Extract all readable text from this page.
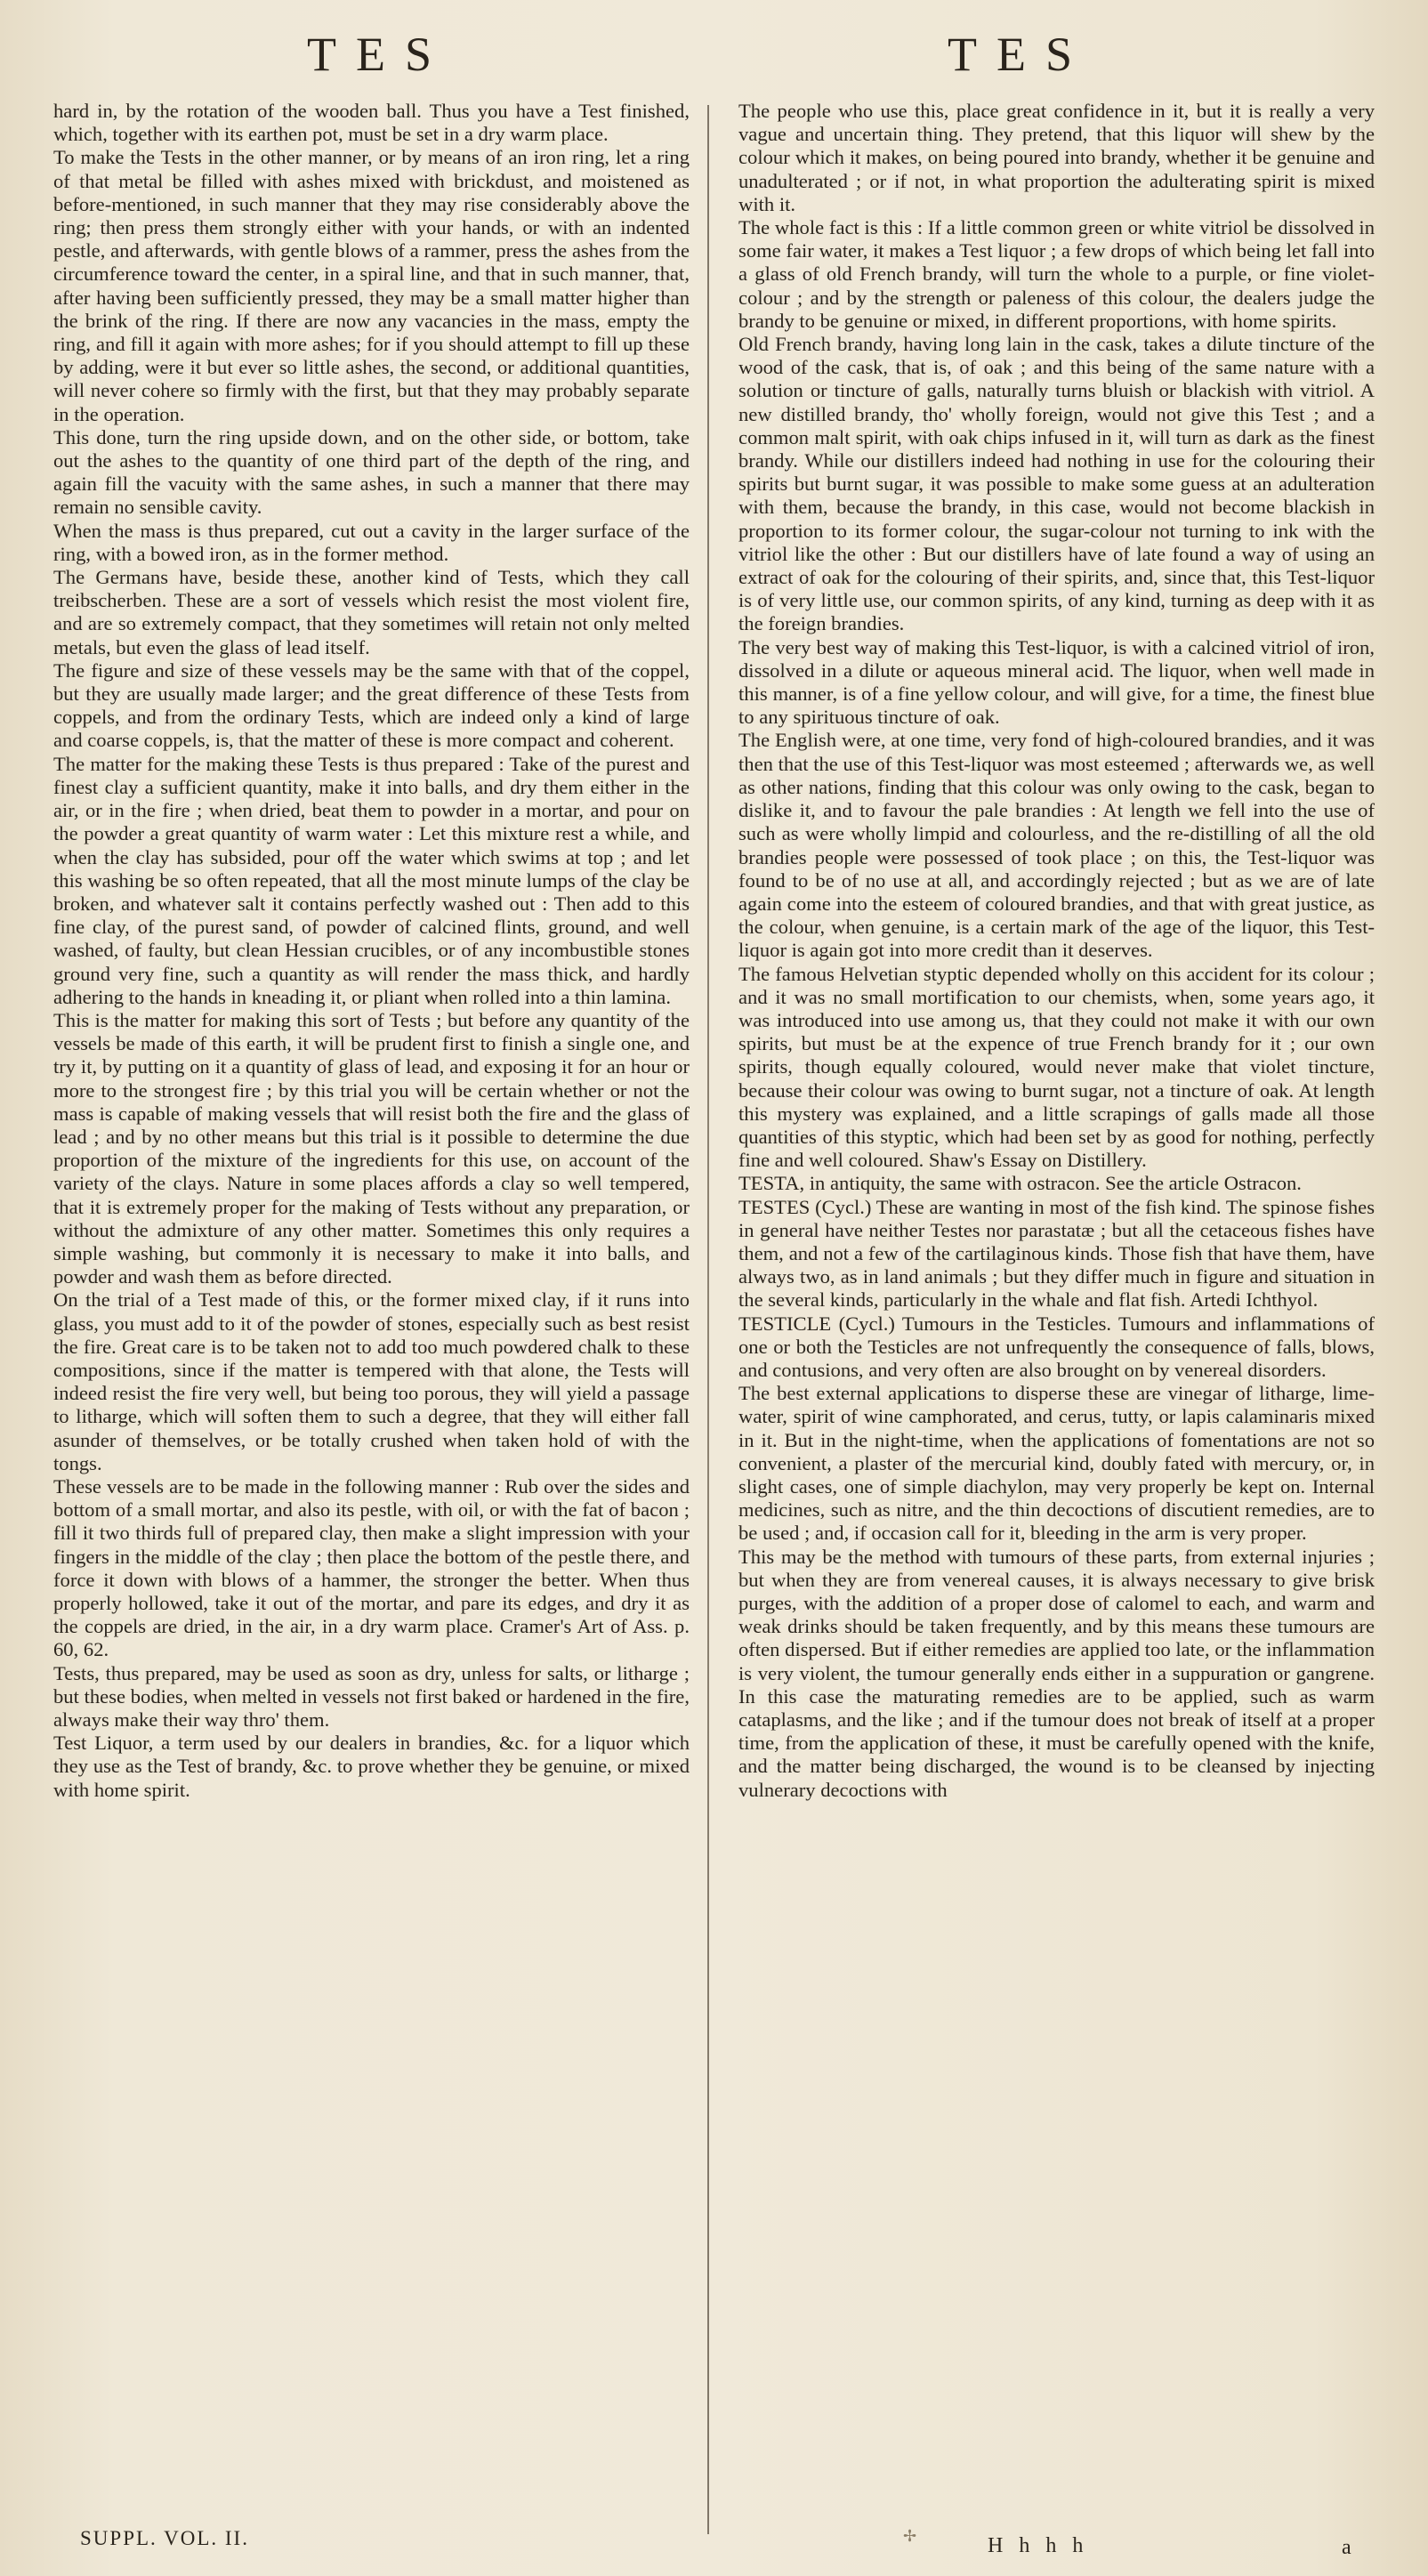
TES	TES

hard in, by the rotation of the wooden ball. Thus you have a Test finished, which, together with its earthen pot, must be set in a dry warm place.

To make the Tests in the other manner, or by means of an iron ring, let a ring of that metal be filled with ashes mixed with brickdust, and moistened as before-mentioned, in such manner that they may rise considerably above the ring; then press them strongly either with your hands, or with an indented pestle, and afterwards, with gentle blows of a rammer, press the ashes from the circumference toward the center, in a spiral line, and that in such manner, that, after having been sufficiently pressed, they may be a small matter higher than the brink of the ring. If there are now any vacancies in the mass, empty the ring, and fill it again with more ashes; for if you should attempt to fill up these by adding, were it but ever so little ashes, the second, or additional quantities, will never cohere so firmly with the first, but that they may probably separate in the operation.

This done, turn the ring upside down, and on the other side, or bottom, take out the ashes to the quantity of one third part of the depth of the ring, and again fill the vacuity with the same ashes, in such a manner that there may remain no sensible cavity.

When the mass is thus prepared, cut out a cavity in the larger surface of the ring, with a bowed iron, as in the former method.

The Germans have, beside these, another kind of Tests, which they call treibscherben. These are a sort of vessels which resist the most violent fire, and are so extremely compact, that they sometimes will retain not only melted metals, but even the glass of lead itself.

The figure and size of these vessels may be the same with that of the coppel, but they are usually made larger; and the great difference of these Tests from coppels, and from the ordinary Tests, which are indeed only a kind of large and coarse coppels, is, that the matter of these is more compact and coherent.

The matter for the making these Tests is thus prepared : Take of the purest and finest clay a sufficient quantity, make it into balls, and dry them either in the air, or in the fire ; when dried, beat them to powder in a mortar, and pour on the powder a great quantity of warm water : Let this mixture rest a while, and when the clay has subsided, pour off the water which swims at top ; and let this washing be so often repeated, that all the most minute lumps of the clay be broken, and whatever salt it contains perfectly washed out : Then add to this fine clay, of the purest sand, of powder of calcined flints, ground, and well washed, of faulty, but clean Hessian crucibles, or of any incombustible stones ground very fine, such a quantity as will render the mass thick, and hardly adhering to the hands in kneading it, or pliant when rolled into a thin lamina.

This is the matter for making this sort of Tests ; but before any quantity of the vessels be made of this earth, it will be prudent first to finish a single one, and try it, by putting on it a quantity of glass of lead, and exposing it for an hour or more to the strongest fire ; by this trial you will be certain whether or not the mass is capable of making vessels that will resist both the fire and the glass of lead ; and by no other means but this trial is it possible to determine the due proportion of the mixture of the ingredients for this use, on account of the variety of the clays. Nature in some places affords a clay so well tempered, that it is extremely proper for the making of Tests without any preparation, or without the admixture of any other matter. Sometimes this only requires a simple washing, but commonly it is necessary to make it into balls, and powder and wash them as before directed.

On the trial of a Test made of this, or the former mixed clay, if it runs into glass, you must add to it of the powder of stones, especially such as best resist the fire. Great care is to be taken not to add too much powdered chalk to these compositions, since if the matter is tempered with that alone, the Tests will indeed resist the fire very well, but being too porous, they will yield a passage to litharge, which will soften them to such a degree, that they will either fall asunder of themselves, or be totally crushed when taken hold of with the tongs.

These vessels are to be made in the following manner : Rub over the sides and bottom of a small mortar, and also its pestle, with oil, or with the fat of bacon ; fill it two thirds full of prepared clay, then make a slight impression with your fingers in the middle of the clay ; then place the bottom of the pestle there, and force it down with blows of a hammer, the stronger the better. When thus properly hollowed, take it out of the mortar, and pare its edges, and dry it as the coppels are dried, in the air, in a dry warm place. Cramer's Art of Ass. p. 60, 62.

Tests, thus prepared, may be used as soon as dry, unless for salts, or litharge ; but these bodies, when melted in vessels not first baked or hardened in the fire, always make their way thro' them.

Test Liquor, a term used by our dealers in brandies, &c. for a liquor which they use as the Test of brandy, &c. to prove whether they be genuine, or mixed with home spirit.

The people who use this, place great confidence in it, but it is really a very vague and uncertain thing. They pretend, that this liquor will shew by the colour which it makes, on being poured into brandy, whether it be genuine and unadulterated ; or if not, in what proportion the adulterating spirit is mixed with it.

The whole fact is this : If a little common green or white vitriol be dissolved in some fair water, it makes a Test liquor ; a few drops of which being let fall into a glass of old French brandy, will turn the whole to a purple, or fine violet-colour ; and by the strength or paleness of this colour, the dealers judge the brandy to be genuine or mixed, in different proportions, with home spirits.

Old French brandy, having long lain in the cask, takes a dilute tincture of the wood of the cask, that is, of oak ; and this being of the same nature with a solution or tincture of galls, naturally turns bluish or blackish with vitriol. A new distilled brandy, tho' wholly foreign, would not give this Test ; and a common malt spirit, with oak chips infused in it, will turn as dark as the finest brandy. While our distillers indeed had nothing in use for the colouring their spirits but burnt sugar, it was possible to make some guess at an adulteration with them, because the brandy, in this case, would not become blackish in proportion to its former colour, the sugar-colour not turning to ink with the vitriol like the other : But our distillers have of late found a way of using an extract of oak for the colouring of their spirits, and, since that, this Test-liquor is of very little use, our common spirits, of any kind, turning as deep with it as the foreign brandies.

The very best way of making this Test-liquor, is with a calcined vitriol of iron, dissolved in a dilute or aqueous mineral acid. The liquor, when well made in this manner, is of a fine yellow colour, and will give, for a time, the finest blue to any spirituous tincture of oak.

The English were, at one time, very fond of high-coloured brandies, and it was then that the use of this Test-liquor was most esteemed ; afterwards we, as well as other nations, finding that this colour was only owing to the cask, began to dislike it, and to favour the pale brandies : At length we fell into the use of such as were wholly limpid and colourless, and the re-distilling of all the old brandies people were possessed of took place ; on this, the Test-liquor was found to be of no use at all, and accordingly rejected ; but as we are of late again come into the esteem of coloured brandies, and that with great justice, as the colour, when genuine, is a certain mark of the age of the liquor, this Test-liquor is again got into more credit than it deserves.

The famous Helvetian styptic depended wholly on this accident for its colour ; and it was no small mortification to our chemists, when, some years ago, it was introduced into use among us, that they could not make it with our own spirits, but must be at the expence of true French brandy for it ; our own spirits, though equally coloured, would never make that violet tincture, because their colour was owing to burnt sugar, not a tincture of oak. At length this mystery was explained, and a little scrapings of galls made all those quantities of this styptic, which had been set by as good for nothing, perfectly fine and well coloured. Shaw's Essay on Distillery.

TESTA, in antiquity, the same with ostracon. See the article Ostracon.

TESTES (Cycl.) These are wanting in most of the fish kind. The spinose fishes in general have neither Testes nor parastatæ ; but all the cetaceous fishes have them, and not a few of the cartilaginous kinds. Those fish that have them, have always two, as in land animals ; but they differ much in figure and situation in the several kinds, particularly in the whale and flat fish. Artedi Ichthyol.

TESTICLE (Cycl.) Tumours in the Testicles. Tumours and inflammations of one or both the Testicles are not unfrequently the consequence of falls, blows, and contusions, and very often are also brought on by venereal disorders.

The best external applications to disperse these are vinegar of litharge, lime-water, spirit of wine camphorated, and cerus, tutty, or lapis calaminaris mixed in it. But in the night-time, when the applications of fomentations are not so convenient, a plaster of the mercurial kind, doubly fated with mercury, or, in slight cases, one of simple diachylon, may very properly be kept on. Internal medicines, such as nitre, and the thin decoctions of discutient remedies, are to be used ; and, if occasion call for it, bleeding in the arm is very proper.

This may be the method with tumours of these parts, from external injuries ; but when they are from venereal causes, it is always necessary to give brisk purges, with the addition of a proper dose of calomel to each, and warm and weak drinks should be taken frequently, and by this means these tumours are often dispersed. But if either remedies are applied too late, or the inflammation is very violent, the tumour generally ends either in a suppuration or gangrene. In this case the maturating remedies are to be applied, such as warm cataplasms, and the like ; and if the tumour does not break of itself at a proper time, from the application of these, it must be carefully opened with the knife, and the matter being discharged, the wound is to be cleansed by injecting vulnerary decoctions with

SUPPL. VOL. II.	✢	H h h h	a
